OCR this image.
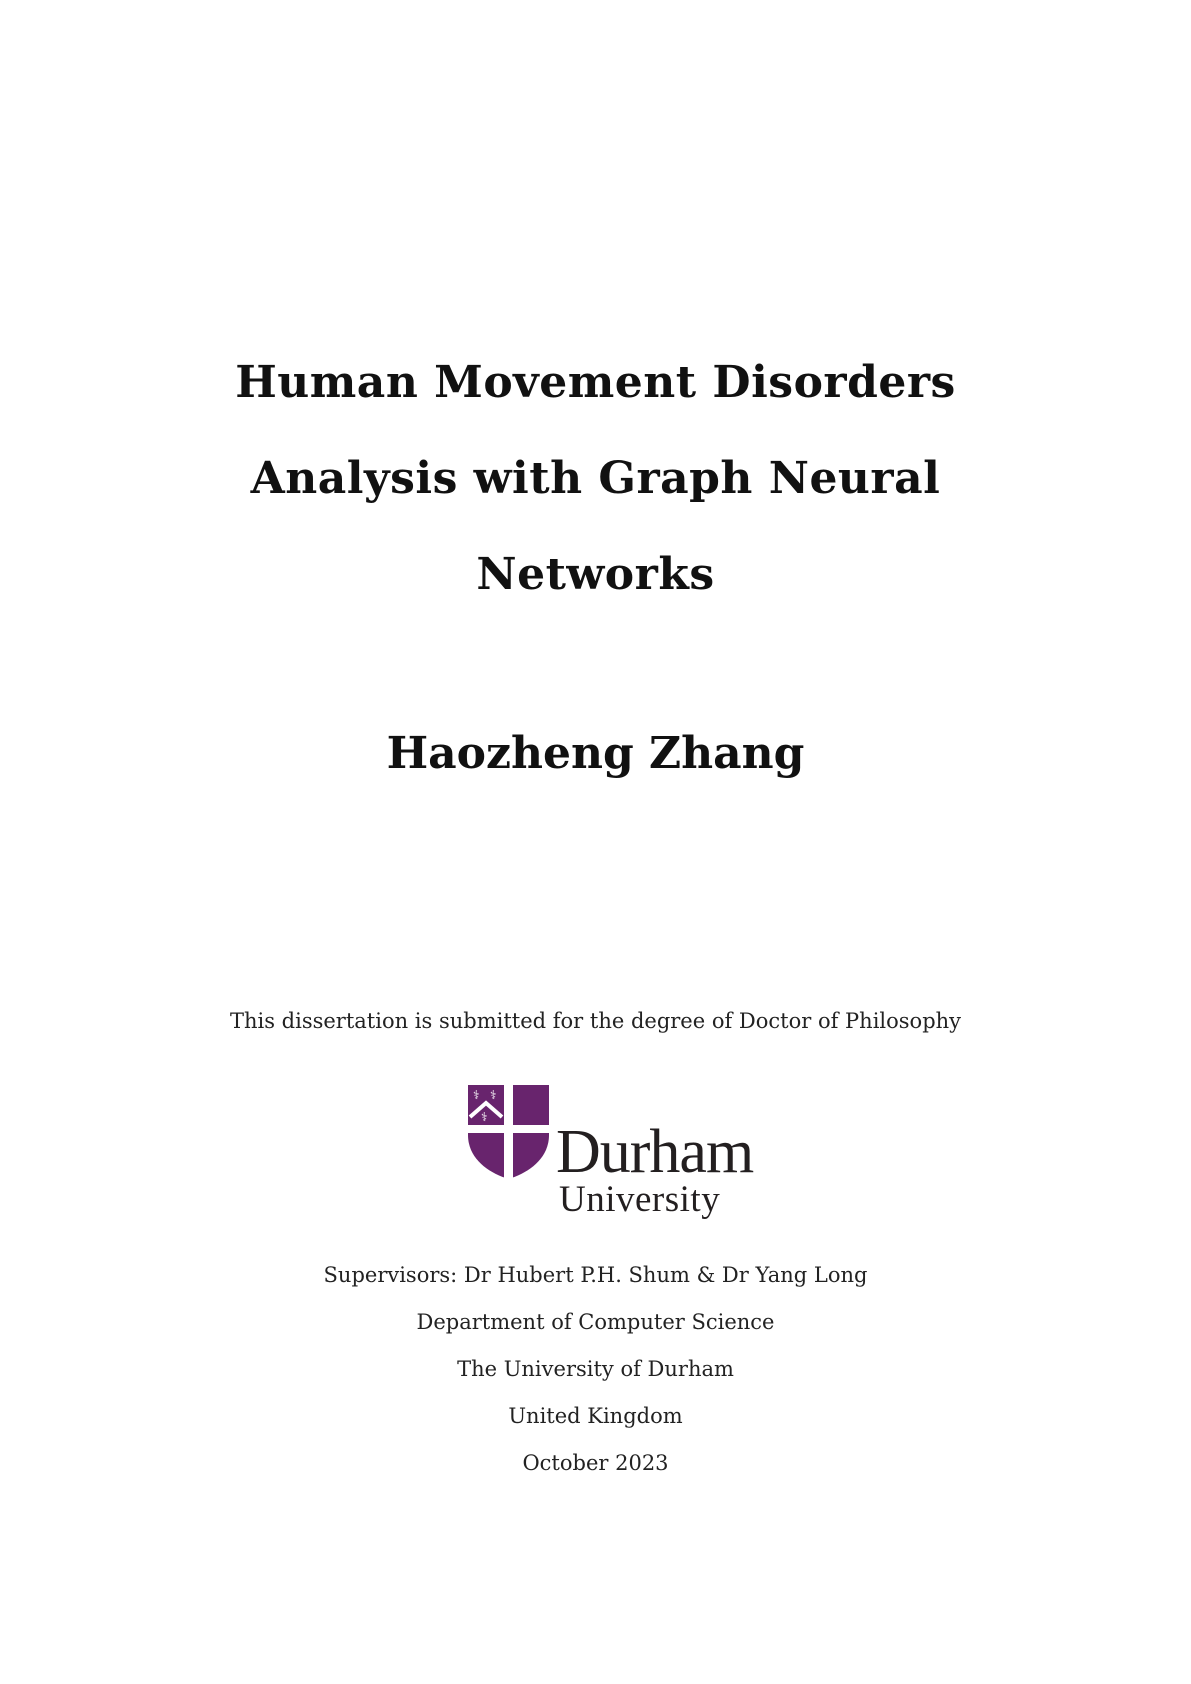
Human Movement Disorders
Analysis with Graph Neural
Networks
Haozheng Zhang
This dissertation is submitted for the degree of Doctor of Philosophy
⚕ ⚕
⚕
Durham
University
Supervisors: Dr Hubert P.H. Shum & Dr Yang Long
Department of Computer Science
The University of Durham
United Kingdom
October 2023
